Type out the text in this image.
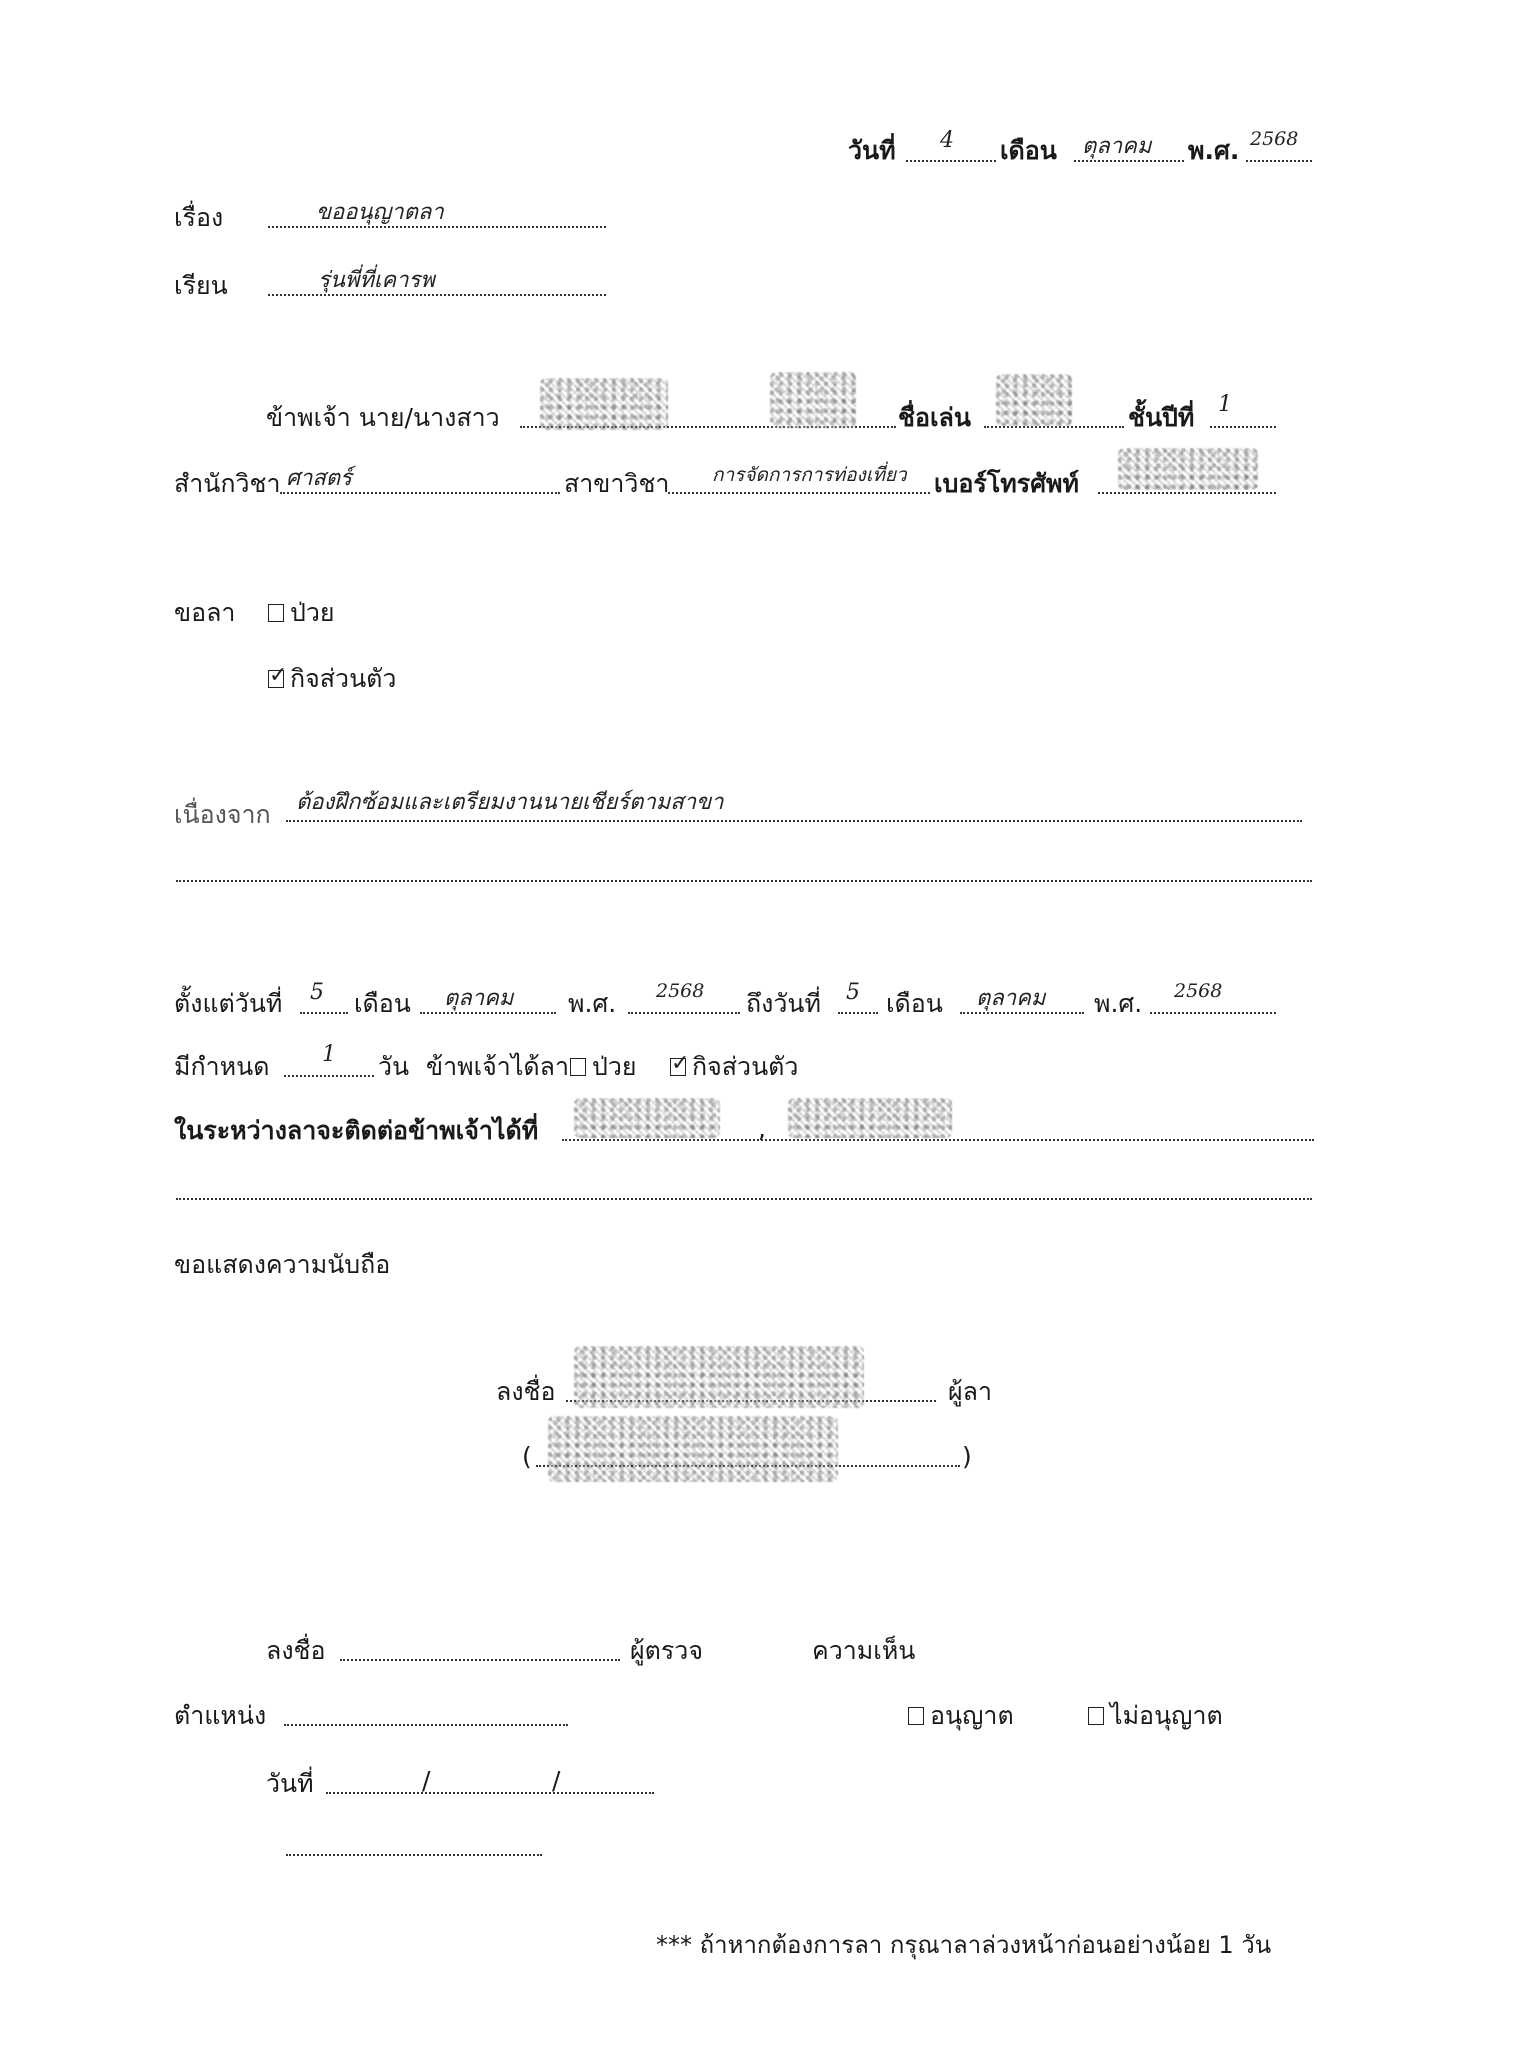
วันที่ 4 เดือน ตุลาคม พ.ศ. 2568
เรื่อง	ขออนุญาตลา
เรียน	รุ่นพี่ที่เคารพ
ข้าพเจ้า นาย/นางสาว	ชื่อเล่น	ชั้นปีที่ 1
สำนักวิชา ศาสตร์	สาขาวิชา การจัดการการท่องเที่ยว เบอร์โทรศัพท์
ขอลา	ป่วย
✓กิจส่วนตัว
เนื่องจาก ต้องฝึกซ้อมและเตรียมงานนายเชียร์ตามสาขา
ตั้งแต่วันที่ 5 เดือน ตุลาคม พ.ศ. 2568 ถึงวันที่ 5 เดือน ตุลาคม พ.ศ. 2568
มีกำหนด 1 วัน ข้าพเจ้าได้ลา ป่วย
✓	กิจส่วนตัว
ในระหว่างลาจะติดต่อข้าพเจ้าได้ที่	,
ขอแสดงความนับถือ
ลงชื่อ	ผู้ลา
(	)
ลงชื่อ	ผู้ตรวจ	ความเห็น
ตำแหน่ง	อนุญาต	ไม่อนุญาต
วันที่	/	/
*** ถ้าหากต้องการลา กรุณาลาล่วงหน้าก่อนอย่างน้อย 1 วัน
